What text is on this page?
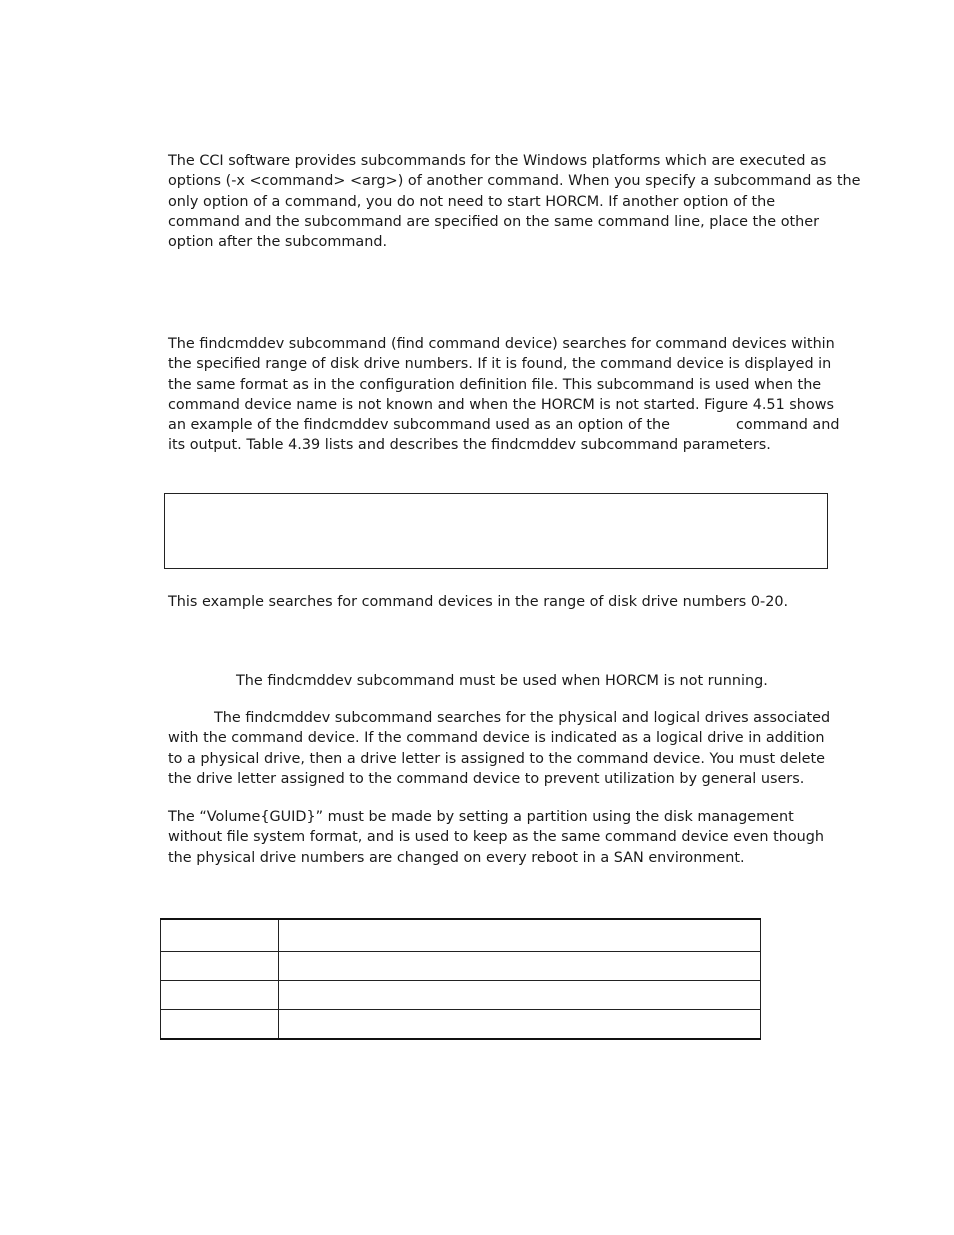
The CCI software provides subcommands for the Windows platforms which are executed as
options (-x <command> <arg>) of another command. When you specify a subcommand as the
only option of a command, you do not need to start HORCM. If another option of the
command and the subcommand are specified on the same command line, place the other
option after the subcommand.

The findcmddev subcommand (find command device) searches for command devices within
the specified range of disk drive numbers. If it is found, the command device is displayed in
the same format as in the configuration definition file. This subcommand is used when the
command device name is not known and when the HORCM is not started. Figure 4.51 shows
an example of the findcmddev subcommand used as an option of the	command and
its output. Table 4.39 lists and describes the findcmddev subcommand parameters.

This example searches for command devices in the range of disk drive numbers 0-20.

The findcmddev subcommand must be used when HORCM is not running.

The findcmddev subcommand searches for the physical and logical drives associated
with the command device. If the command device is indicated as a logical drive in addition
to a physical drive, then a drive letter is assigned to the command device. You must delete
the drive letter assigned to the command device to prevent utilization by general users.

The “Volume{GUID}” must be made by setting a partition using the disk management
without file system format, and is used to keep as the same command device even though
the physical drive numbers are changed on every reboot in a SAN environment.
